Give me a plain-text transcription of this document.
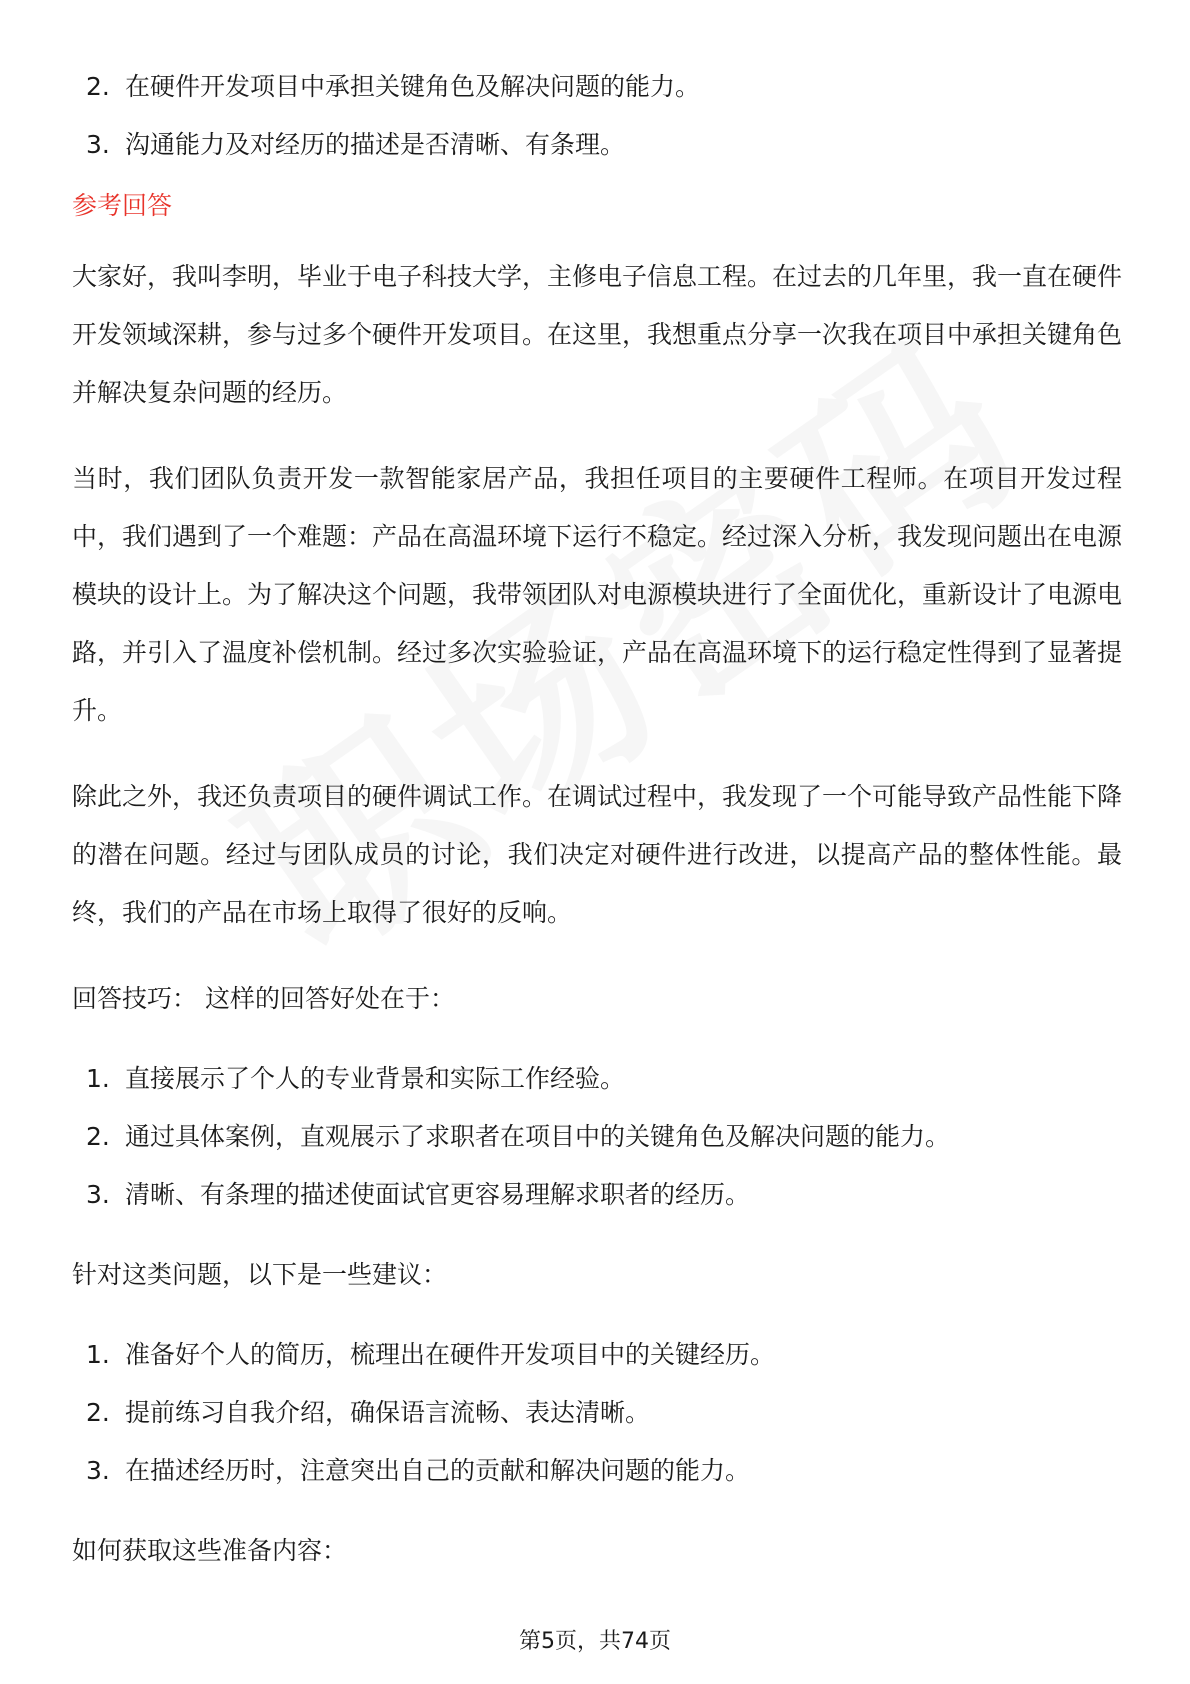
2. 在硬件开发项目中承担关键角色及解决问题的能力。
3. 沟通能力及对经历的描述是否清晰、有条理。
参考回答

大家好，我叫李明，毕业于电子科技大学，主修电子信息工程。在过去的几年里，我一直在硬件开发领域深耕，参与过多个硬件开发项目。在这里，我想重点分享一次我在项目中承担关键角色并解决复杂问题的经历。

当时，我们团队负责开发一款智能家居产品，我担任项目的主要硬件工程师。在项目开发过程中，我们遇到了一个难题：产品在高温环境下运行不稳定。经过深入分析，我发现问题出在电源模块的设计上。为了解决这个问题，我带领团队对电源模块进行了全面优化，重新设计了电源电路，并引入了温度补偿机制。经过多次实验验证，产品在高温环境下的运行稳定性得到了显著提升。

除此之外，我还负责项目的硬件调试工作。在调试过程中，我发现了一个可能导致产品性能下降的潜在问题。经过与团队成员的讨论，我们决定对硬件进行改进，以提高产品的整体性能。最终，我们的产品在市场上取得了很好的反响。

回答技巧： 这样的回答好处在于：

1. 直接展示了个人的专业背景和实际工作经验。
2. 通过具体案例，直观展示了求职者在项目中的关键角色及解决问题的能力。
3. 清晰、有条理的描述使面试官更容易理解求职者的经历。

针对这类问题，以下是一些建议：

1. 准备好个人的简历，梳理出在硬件开发项目中的关键经历。
2. 提前练习自我介绍，确保语言流畅、表达清晰。
3. 在描述经历时，注意突出自己的贡献和解决问题的能力。

如何获取这些准备内容：

第5页，共74页
